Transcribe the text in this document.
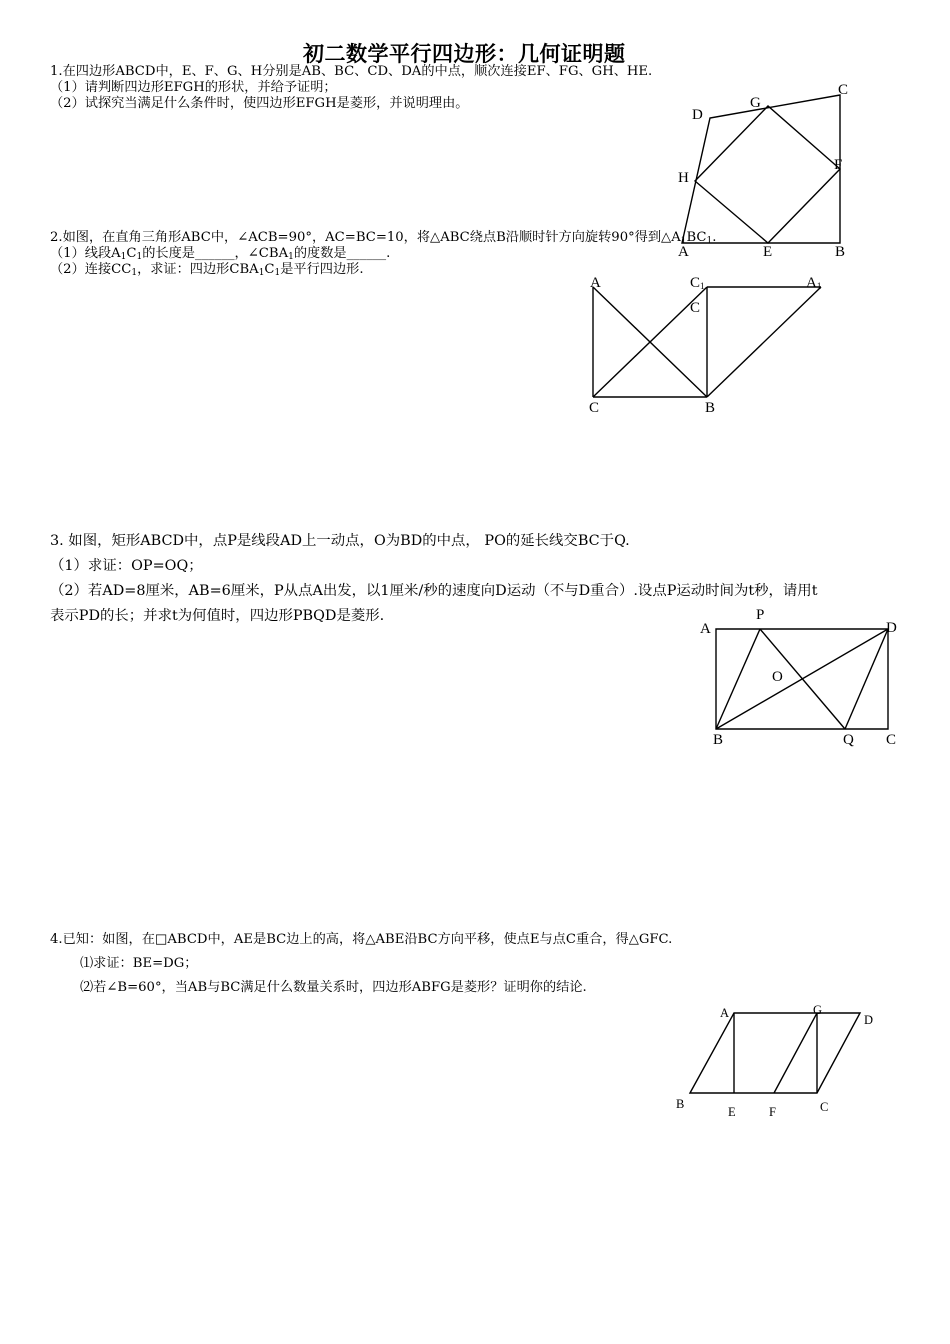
初二数学平行四边形：几何证明题
1.在四边形ABCD中，E、F、G、H分别是AB、BC、CD、DA的中点，顺次连接EF、FG、GH、HE.
（1）请判断四边形EFGH的形状，并给予证明；
（2）试探究当满足什么条件时，使四边形EFGH是菱形，并说明理由。
D
G
C
H
F
2.如图，在直角三角形ABC中，∠ACB=90°，AC=BC=10，将△ABC绕点B沿顺时针方向旋转90°得到△A1BC1.
（1）线段A1C1的长度是______，∠CBA1的度数是______.
（2）连接CC1，求证：四边形CBA1C1是平行四边形.
A	E	B
A	C1	A1
C
C	B
3. 如图，矩形ABCD中，点P是线段AD上一动点，O为BD的中点， PO的延长线交BC于Q.
（1）求证：OP=OQ；
（2）若AD=8厘米，AB=6厘米，P从点A出发，以1厘米/秒的速度向D运动（不与D重合）.设点P运动时间为t秒，请用t
表示PD的长；并求t为何值时，四边形PBQD是菱形.
A
P
D
O
B	Q C
4.已知：如图，在□ABCD中，AE是BC边上的高，将△ABE沿BC方向平移，使点E与点C重合，得△GFC.
⑴求证：BE=DG；
⑵若∠B=60°，当AB与BC满足什么数量关系时，四边形ABFG是菱形？证明你的结论.
A	G
D
B
E	F	C
